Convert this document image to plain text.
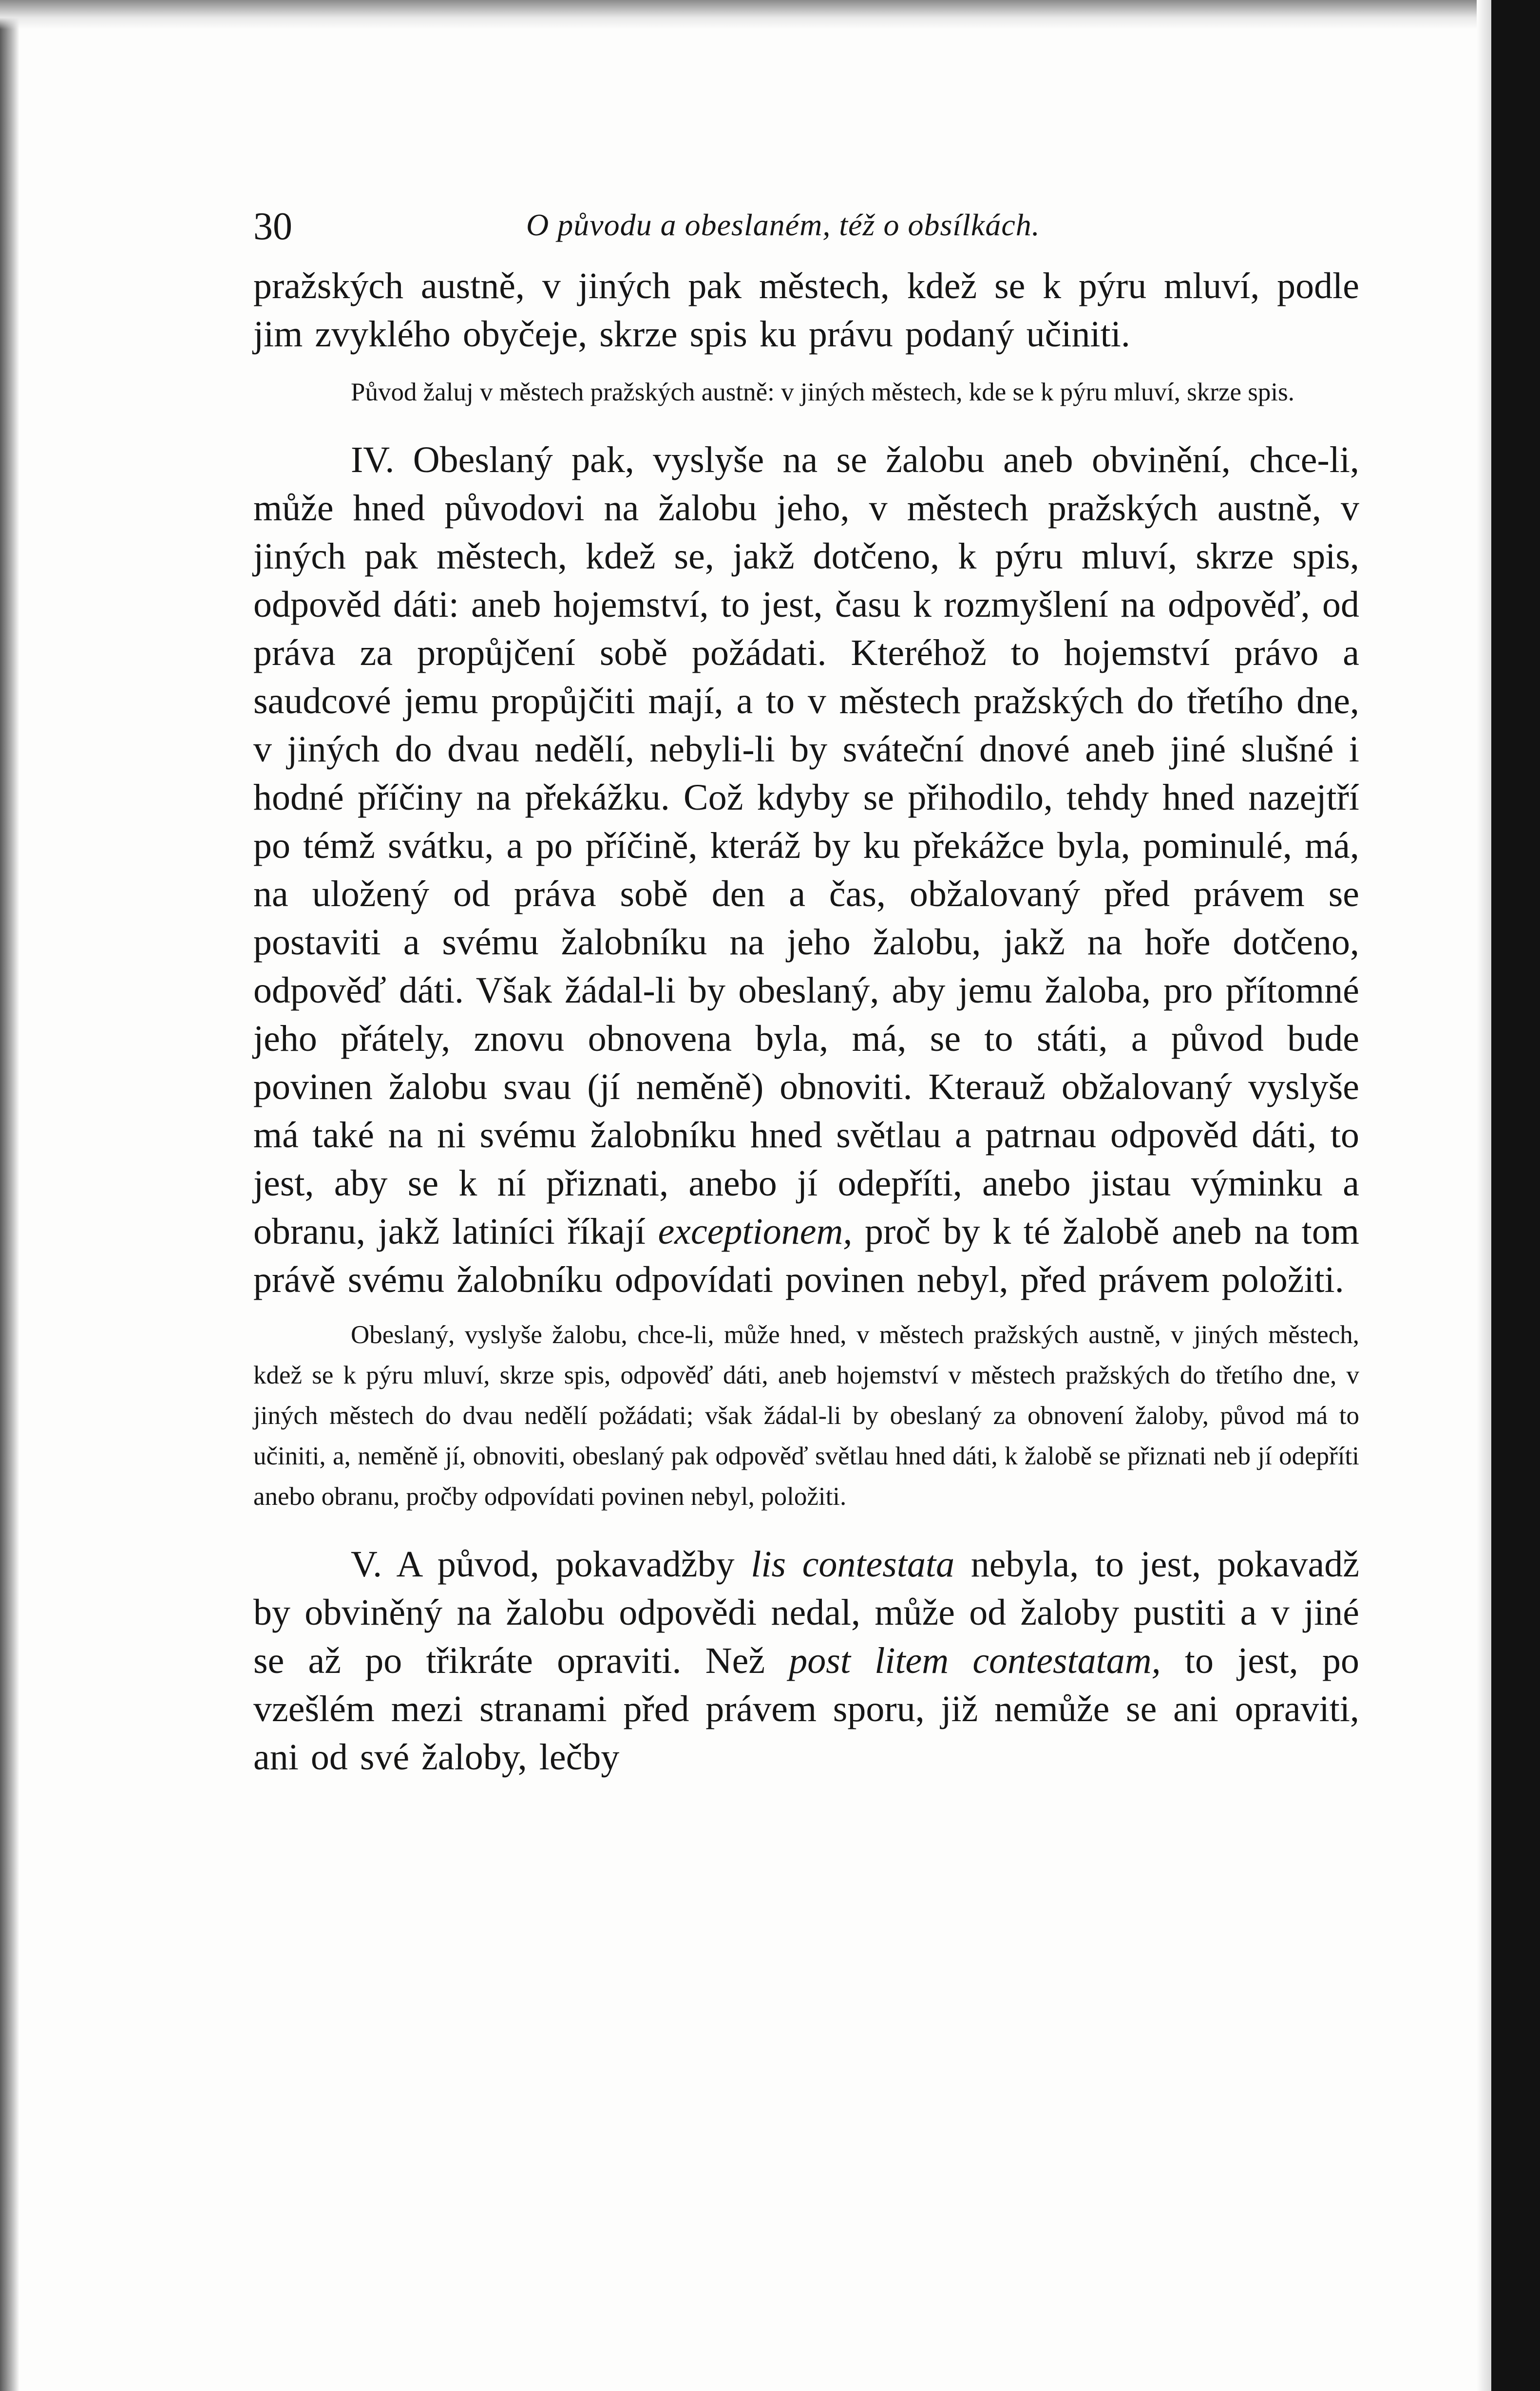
30	O původu a obeslaném, též o obsílkách.

pražských austně, v jiných pak městech, kdež se k pýru mluví, podle jim zvyklého obyčeje, skrze spis ku právu podaný učiniti.

Původ žaluj v městech pražských austně: v jiných městech, kde se k pýru mluví, skrze spis.

IV. Obeslaný pak, vyslyše na se žalobu aneb obvinění, chce-li, může hned původovi na žalobu jeho, v městech pražských austně, v jiných pak městech, kdež se, jakž dotčeno, k pýru mluví, skrze spis, odpověd dáti: aneb hojemství, to jest, času k rozmyšlení na odpověď, od práva za propůjčení sobě požádati. Kteréhož to hojemství právo a saudcové jemu propůjčiti mají, a to v městech pražských do třetího dne, v jiných do dvau nedělí, nebyli-li by sváteční dnové aneb jiné slušné i hodné příčiny na překážku. Což kdyby se přihodilo, tehdy hned nazejtří po témž svátku, a po příčině, kteráž by ku překážce byla, pominulé, má, na uložený od práva sobě den a čas, obžalovaný před právem se postaviti a svému žalobníku na jeho žalobu, jakž na hoře dotčeno, odpověď dáti. Však žádal-li by obeslaný, aby jemu žaloba, pro přítomné jeho přátely, znovu obnovena byla, má, se to státi, a původ bude povinen žalobu svau (jí neměně) obnoviti. Kterauž obžalovaný vyslyše má také na ni svému žalobníku hned světlau a patrnau odpověd dáti, to jest, aby se k ní přiznati, anebo jí odepříti, anebo jistau výminku a obranu, jakž latiníci říkají exceptionem, proč by k té žalobě aneb na tom právě svému žalobníku odpovídati povinen nebyl, před právem položiti.

Obeslaný, vyslyše žalobu, chce-li, může hned, v městech pražských austně, v jiných městech, kdež se k pýru mluví, skrze spis, odpověď dáti, aneb hojemství v městech pražských do třetího dne, v jiných městech do dvau nedělí požádati; však žádal-li by obeslaný za obnovení žaloby, původ má to učiniti, a, neměně jí, obnoviti, obeslaný pak odpověď světlau hned dáti, k žalobě se přiznati neb jí odepříti anebo obranu, pročby odpovídati povinen nebyl, položiti.

V. A původ, pokavadžby lis contestata nebyla, to jest, pokavadž by obviněný na žalobu odpovědi nedal, může od žaloby pustiti a v jiné se až po třikráte opraviti. Než post litem contestatam, to jest, po vzešlém mezi stranami před právem sporu, již nemůže se ani opraviti, ani od své žaloby, lečby
